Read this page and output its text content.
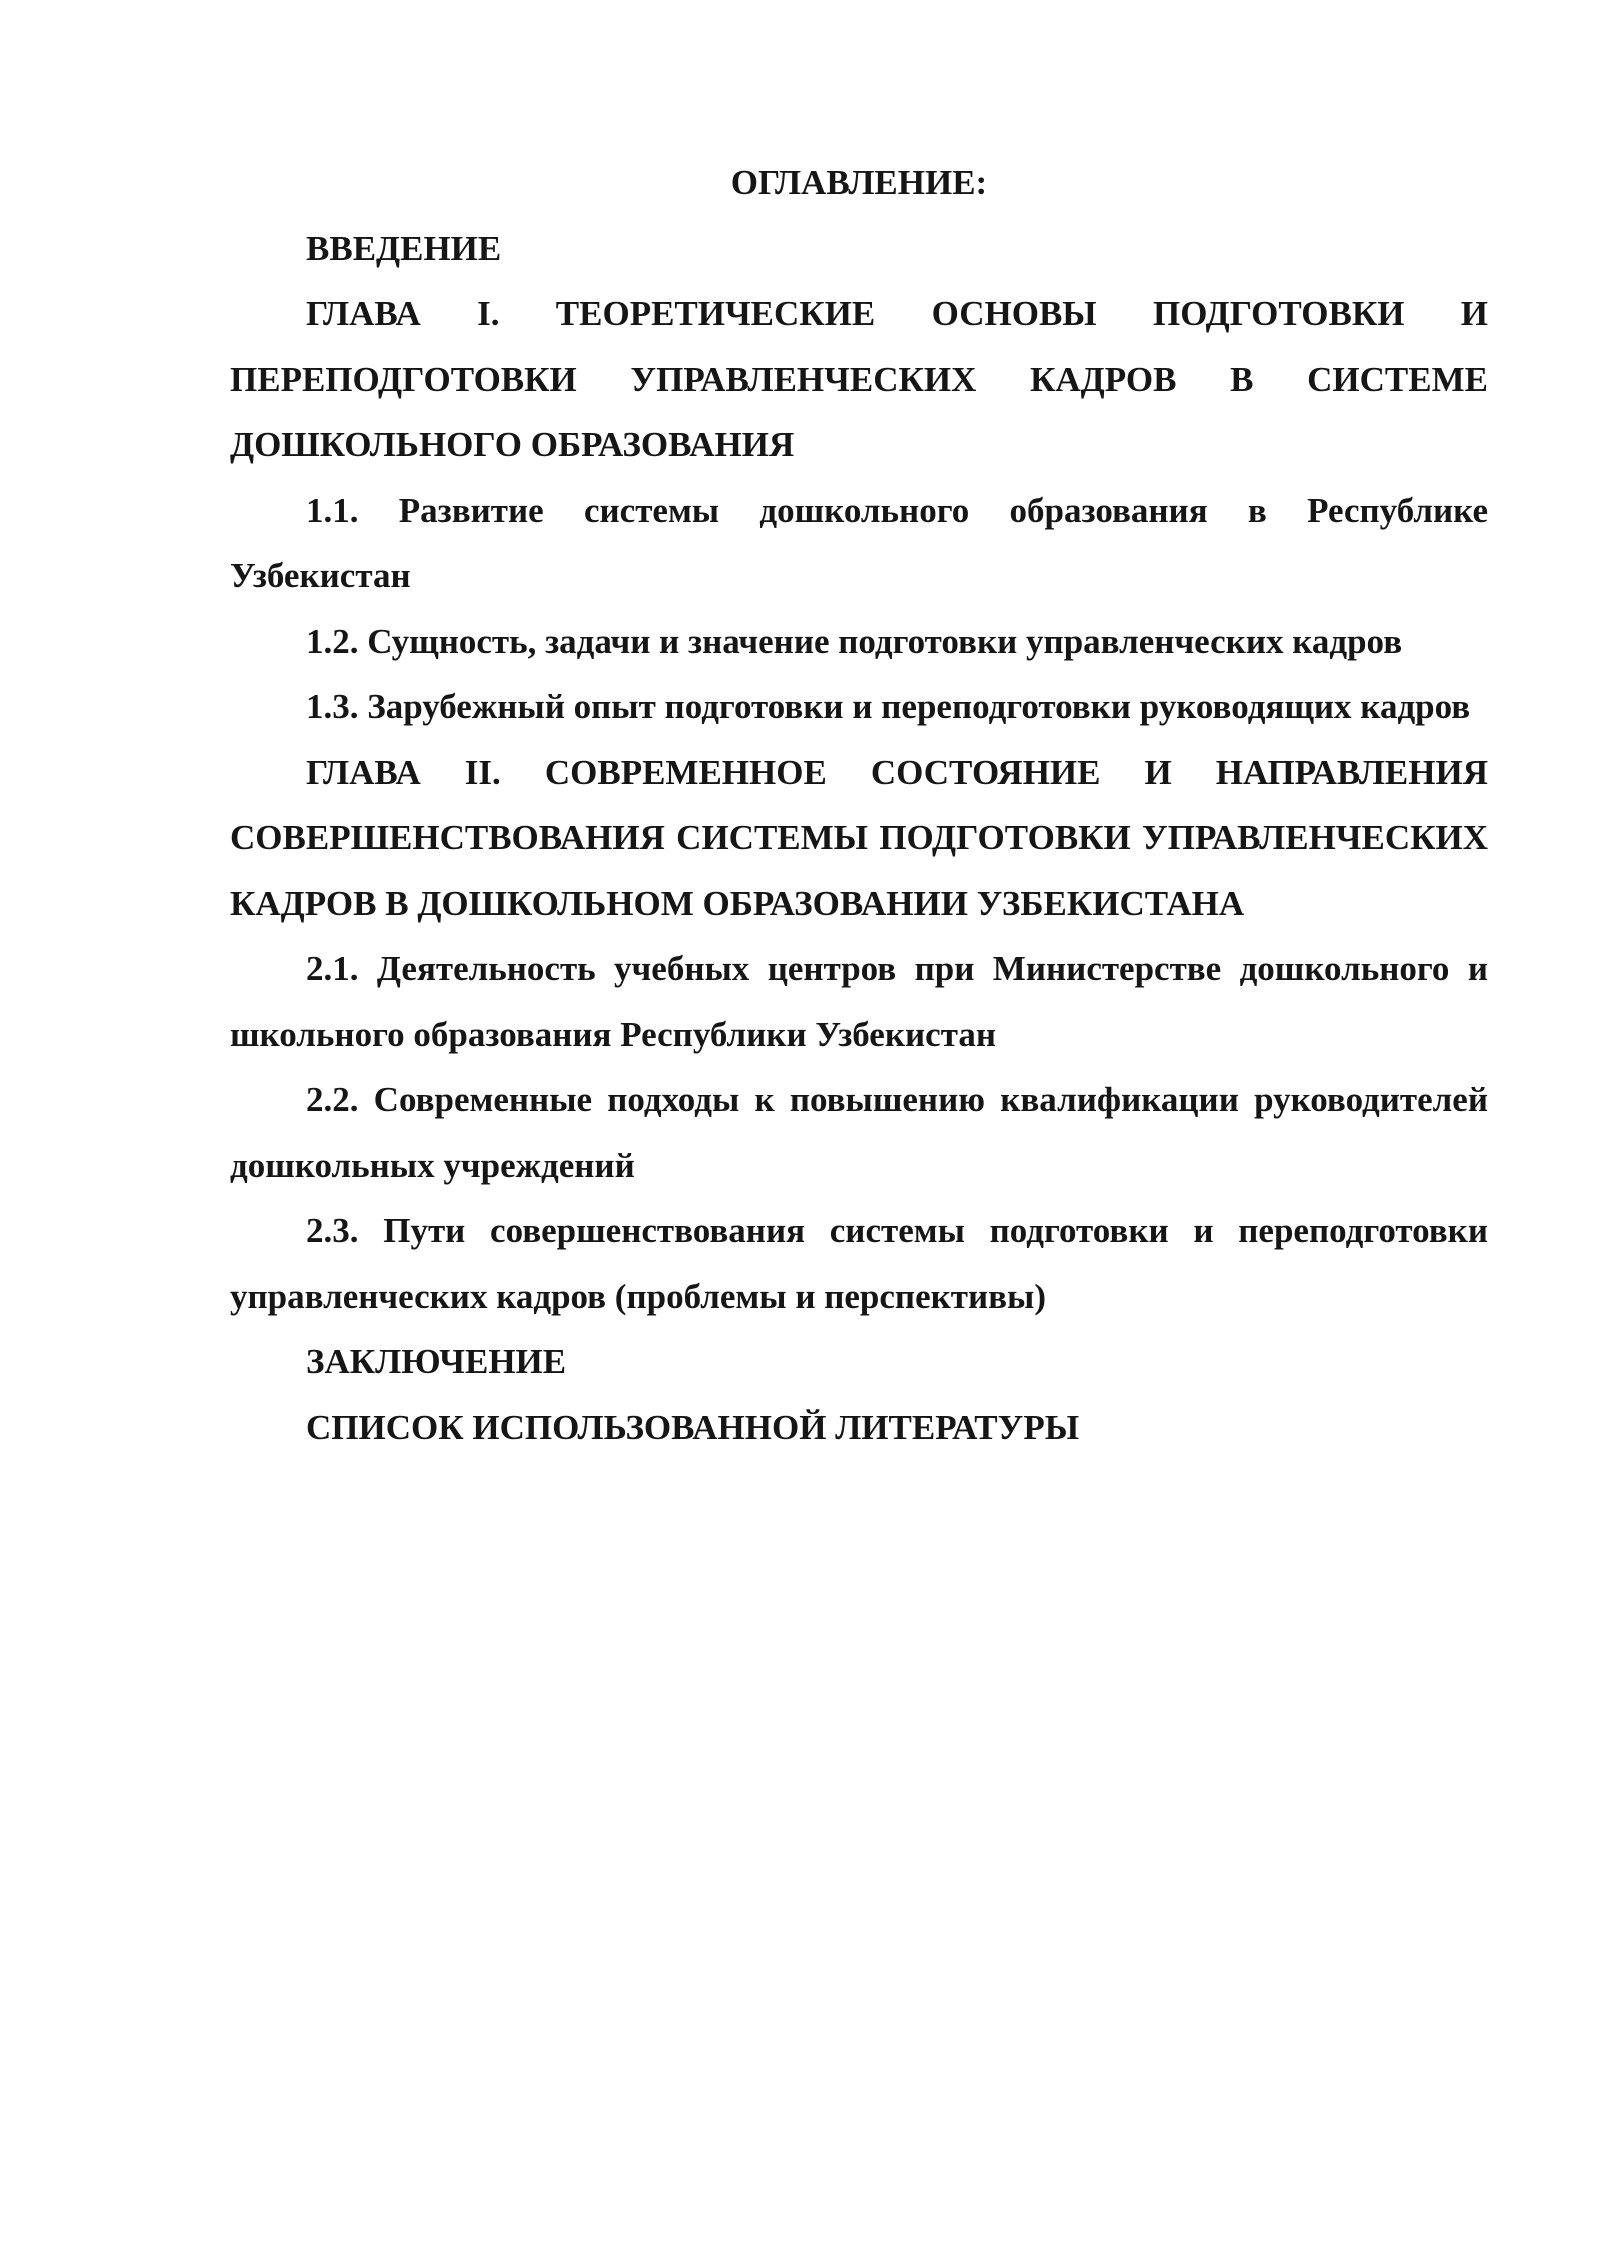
ОГЛАВЛЕНИЕ:

ВВЕДЕНИЕ

ГЛАВА I. ТЕОРЕТИЧЕСКИЕ ОСНОВЫ ПОДГОТОВКИ И ПЕРЕПОДГОТОВКИ УПРАВЛЕНЧЕСКИХ КАДРОВ В СИСТЕМЕ ДОШКОЛЬНОГО ОБРАЗОВАНИЯ

1.1. Развитие системы дошкольного образования в Республике Узбекистан

1.2. Сущность, задачи и значение подготовки управленческих кадров

1.3. Зарубежный опыт подготовки и переподготовки руководящих кадров

ГЛАВА II. СОВРЕМЕННОЕ СОСТОЯНИЕ И НАПРАВЛЕНИЯ СОВЕРШЕНСТВОВАНИЯ СИСТЕМЫ ПОДГОТОВКИ УПРАВЛЕНЧЕСКИХ КАДРОВ В ДОШКОЛЬНОМ ОБРАЗОВАНИИ УЗБЕКИСТАНА

2.1. Деятельность учебных центров при Министерстве дошкольного и школьного образования Республики Узбекистан

2.2. Современные подходы к повышению квалификации руководителей дошкольных учреждений

2.3. Пути совершенствования системы подготовки и переподготовки управленческих кадров (проблемы и перспективы)

ЗАКЛЮЧЕНИЕ

СПИСОК ИСПОЛЬЗОВАННОЙ ЛИТЕРАТУРЫ
